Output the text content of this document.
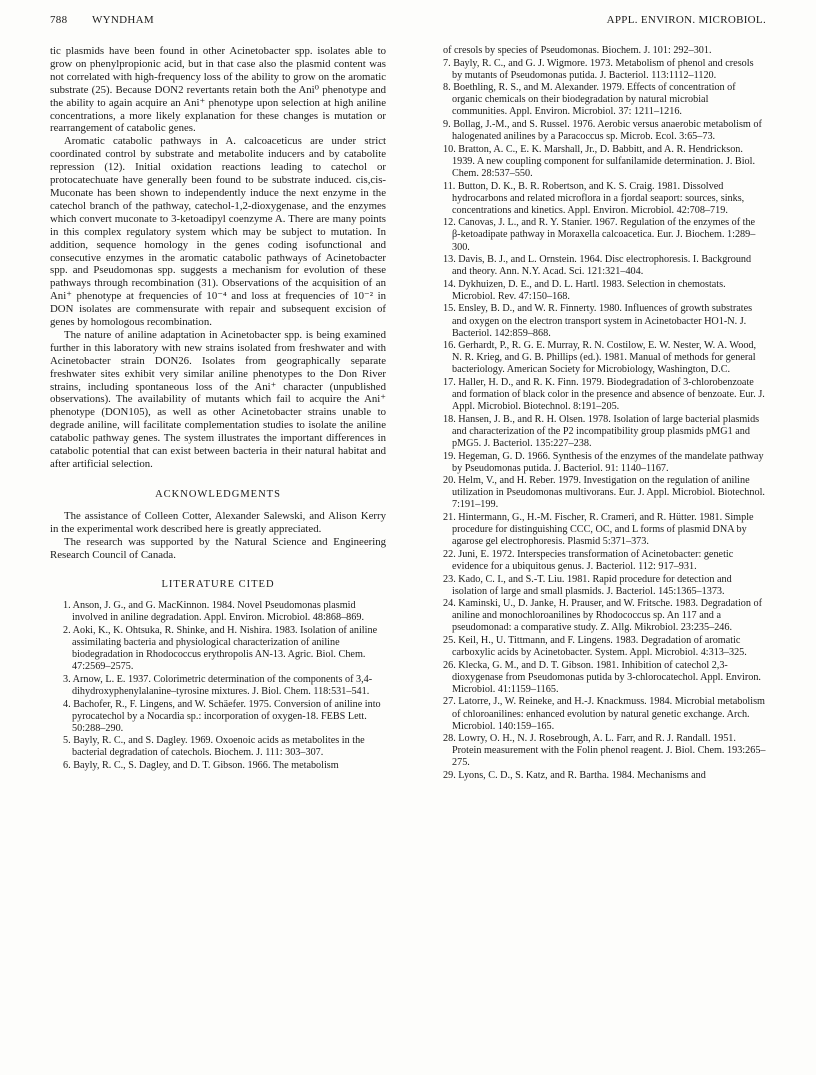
788 WYNDHAM	APPL. ENVIRON. MICROBIOL.

tic plasmids have been found in other Acinetobacter spp. isolates able to grow on phenylpropionic acid, but in that case also the plasmid content was not correlated with high-frequency loss of the ability to grow on the aromatic substrate (25). Because DON2 revertants retain both the Ani⁰ phenotype and the ability to again acquire an Ani⁺ phenotype upon selection at high aniline concentrations, a more likely explanation for these changes is mutation or rearrangement of catabolic genes.

Aromatic catabolic pathways in A. calcoaceticus are under strict coordinated control by substrate and metabolite inducers and by catabolite repression (12). Initial oxidation reactions leading to catechol or protocatechuate have generally been found to be substrate induced. cis,cis-Muconate has been shown to independently induce the next enzyme in the catechol branch of the pathway, catechol-1,2-dioxygenase, and the enzymes which convert muconate to 3-ketoadipyl coenzyme A. There are many points in this complex regulatory system which may be subject to mutation. In addition, sequence homology in the genes coding isofunctional and consecutive enzymes in the aromatic catabolic pathways of Acinetobacter spp. and Pseudomonas spp. suggests a mechanism for evolution of these pathways through recombination (31). Observations of the acquisition of an Ani⁺ phenotype at frequencies of 10⁻⁴ and loss at frequencies of 10⁻² in DON isolates are commensurate with repair and subsequent excision of genes by homologous recombination.

The nature of aniline adaptation in Acinetobacter spp. is being examined further in this laboratory with new strains isolated from freshwater and with Acinetobacter strain DON26. Isolates from geographically separate freshwater sites exhibit very similar aniline phenotypes to the Don River strains, including spontaneous loss of the Ani⁺ character (unpublished observations). The availability of mutants which fail to acquire the Ani⁺ phenotype (DON105), as well as other Acinetobacter strains unable to degrade aniline, will facilitate complementation studies to isolate the aniline catabolic pathway genes. The system illustrates the important differences in catabolic potential that can exist between bacteria in their natural habitat and after artificial selection.

ACKNOWLEDGMENTS

The assistance of Colleen Cotter, Alexander Salewski, and Alison Kerry in the experimental work described here is greatly appreciated.

The research was supported by the Natural Science and Engineering Research Council of Canada.

LITERATURE CITED
1. Anson, J. G., and G. MacKinnon. 1984. Novel Pseudomonas plasmid involved in aniline degradation. Appl. Environ. Microbiol. 48:868–869.
2. Aoki, K., K. Ohtsuka, R. Shinke, and H. Nishira. 1983. Isolation of aniline assimilating bacteria and physiological characterization of aniline biodegradation in Rhodococcus erythropolis AN-13. Agric. Biol. Chem. 47:2569–2575.
3. Arnow, L. E. 1937. Colorimetric determination of the components of 3,4-dihydroxyphenylalanine–tyrosine mixtures. J. Biol. Chem. 118:531–541.
4. Bachofer, R., F. Lingens, and W. Schäefer. 1975. Conversion of aniline into pyrocatechol by a Nocardia sp.: incorporation of oxygen-18. FEBS Lett. 50:288–290.
5. Bayly, R. C., and S. Dagley. 1969. Oxoenoic acids as metabolites in the bacterial degradation of catechols. Biochem. J. 111: 303–307.
6. Bayly, R. C., S. Dagley, and D. T. Gibson. 1966. The metabolism
of cresols by species of Pseudomonas. Biochem. J. 101: 292–301.
7. Bayly, R. C., and G. J. Wigmore. 1973. Metabolism of phenol and cresols by mutants of Pseudomonas putida. J. Bacteriol. 113:1112–1120.
8. Boethling, R. S., and M. Alexander. 1979. Effects of concentration of organic chemicals on their biodegradation by natural microbial communities. Appl. Environ. Microbiol. 37: 1211–1216.
9. Bollag, J.-M., and S. Russel. 1976. Aerobic versus anaerobic metabolism of halogenated anilines by a Paracoccus sp. Microb. Ecol. 3:65–73.
10. Bratton, A. C., E. K. Marshall, Jr., D. Babbitt, and A. R. Hendrickson. 1939. A new coupling component for sulfanilamide determination. J. Biol. Chem. 28:537–550.
11. Button, D. K., B. R. Robertson, and K. S. Craig. 1981. Dissolved hydrocarbons and related microflora in a fjordal seaport: sources, sinks, concentrations and kinetics. Appl. Environ. Microbiol. 42:708–719.
12. Canovas, J. L., and R. Y. Stanier. 1967. Regulation of the enzymes of the β-ketoadipate pathway in Moraxella calcoacetica. Eur. J. Biochem. 1:289–300.
13. Davis, B. J., and L. Ornstein. 1964. Disc electrophoresis. I. Background and theory. Ann. N.Y. Acad. Sci. 121:321–404.
14. Dykhuizen, D. E., and D. L. Hartl. 1983. Selection in chemostats. Microbiol. Rev. 47:150–168.
15. Ensley, B. D., and W. R. Finnerty. 1980. Influences of growth substrates and oxygen on the electron transport system in Acinetobacter HO1-N. J. Bacteriol. 142:859–868.
16. Gerhardt, P., R. G. E. Murray, R. N. Costilow, E. W. Nester, W. A. Wood, N. R. Krieg, and G. B. Phillips (ed.). 1981. Manual of methods for general bacteriology. American Society for Microbiology, Washington, D.C.
17. Haller, H. D., and R. K. Finn. 1979. Biodegradation of 3-chlorobenzoate and formation of black color in the presence and absence of benzoate. Eur. J. Appl. Microbiol. Biotechnol. 8:191–205.
18. Hansen, J. B., and R. H. Olsen. 1978. Isolation of large bacterial plasmids and characterization of the P2 incompatibility group plasmids pMG1 and pMG5. J. Bacteriol. 135:227–238.
19. Hegeman, G. D. 1966. Synthesis of the enzymes of the mandelate pathway by Pseudomonas putida. J. Bacteriol. 91: 1140–1167.
20. Helm, V., and H. Reber. 1979. Investigation on the regulation of aniline utilization in Pseudomonas multivorans. Eur. J. Appl. Microbiol. Biotechnol. 7:191–199.
21. Hintermann, G., H.-M. Fischer, R. Crameri, and R. Hütter. 1981. Simple procedure for distinguishing CCC, OC, and L forms of plasmid DNA by agarose gel electrophoresis. Plasmid 5:371–373.
22. Juni, E. 1972. Interspecies transformation of Acinetobacter: genetic evidence for a ubiquitous genus. J. Bacteriol. 112: 917–931.
23. Kado, C. I., and S.-T. Liu. 1981. Rapid procedure for detection and isolation of large and small plasmids. J. Bacteriol. 145:1365–1373.
24. Kaminski, U., D. Janke, H. Prauser, and W. Fritsche. 1983. Degradation of aniline and monochloroanilines by Rhodococcus sp. An 117 and a pseudomonad: a comparative study. Z. Allg. Mikrobiol. 23:235–246.
25. Keil, H., U. Tittmann, and F. Lingens. 1983. Degradation of aromatic carboxylic acids by Acinetobacter. System. Appl. Microbiol. 4:313–325.
26. Klecka, G. M., and D. T. Gibson. 1981. Inhibition of catechol 2,3-dioxygenase from Pseudomonas putida by 3-chlorocatechol. Appl. Environ. Microbiol. 41:1159–1165.
27. Latorre, J., W. Reineke, and H.-J. Knackmuss. 1984. Microbial metabolism of chloroanilines: enhanced evolution by natural genetic exchange. Arch. Microbiol. 140:159–165.
28. Lowry, O. H., N. J. Rosebrough, A. L. Farr, and R. J. Randall. 1951. Protein measurement with the Folin phenol reagent. J. Biol. Chem. 193:265–275.
29. Lyons, C. D., S. Katz, and R. Bartha. 1984. Mechanisms and
